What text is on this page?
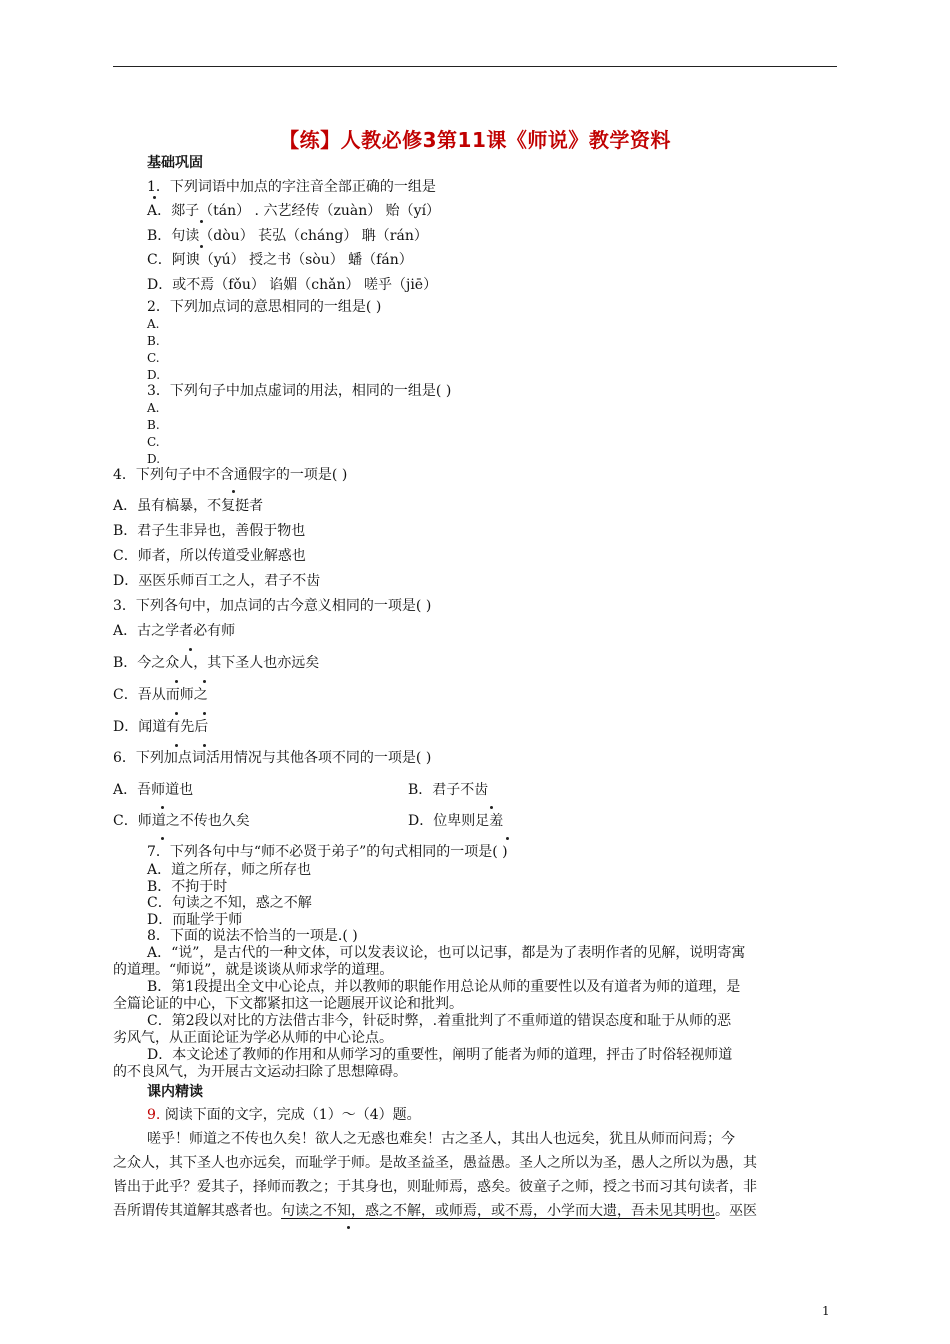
【练】人教必修3第11课《师说》教学资料
基础巩固
1．下列词语中加点的字注音全部正确的一组是
A．郯子（tán） . 六艺经传（zuàn） 贻（yí）
B．句读（dòu） 苌弘（cháng） 聃（rán）
C．阿谀（yú） 授之书（sòu） 蟠（fán）
D．或不焉（fǒu） 谄媚（chǎn） 嗟乎（jiē）
2．下列加点词的意思相同的一组是( )
A.
B.
C.
D.
3．下列句子中加点虚词的用法，相同的一组是( )
A.
B.
C.
D.
4．下列句子中不含通假字的一项是( )
A．虽有槁暴，不复挺者
B．君子生非异也，善假于物也
C．师者，所以传道受业解惑也
D．巫医乐师百工之人，君子不齿
3．下列各句中，加点词的古今意义相同的一项是( )
A．古之学者必有师
B．今之众人，其下圣人也亦远矣
C．吾从而师之
D．闻道有先后
6．下列加点词活用情况与其他各项不同的一项是( )
A．吾师道也	B．君子不齿
C．师道之不传也久矣	D．位卑则足羞
7．下列各句中与“师不必贤于弟子”的句式相同的一项是( )
A．道之所存，师之所存也
B．不拘于时
C．句读之不知，惑之不解
D．而耻学于师
8．下面的说法不恰当的一项是.( )
A．“说”，是古代的一种文体，可以发表议论，也可以记事，都是为了表明作者的见解，说明寄寓
的道理。“师说”，就是谈谈从师求学的道理。
B．第1段提出全文中心论点，并以教师的职能作用总论从师的重要性以及有道者为师的道理，是
全篇论证的中心，下文都紧扣这一论题展开议论和批判。
C．第2段以对比的方法借古非今，针砭时弊，.着重批判了不重师道的错误态度和耻于从师的恶
劣风气，从正面论证为学必从师的中心论点。
D．本文论述了教师的作用和从师学习的重要性，阐明了能者为师的道理，抨击了时俗轻视师道
的不良风气，为开展古文运动扫除了思想障碍。
课内精读
9. 阅读下面的文字，完成（1）～（4）题。
嗟乎！师道之不传也久矣！欲人之无惑也难矣！古之圣人，其出人也远矣，犹且从师而问焉；今
之众人，其下圣人也亦远矣，而耻学于师。是故圣益圣，愚益愚。圣人之所以为圣，愚人之所以为愚，其
皆出于此乎？爱其子，择师而教之；于其身也，则耻师焉，惑矣。彼童子之师，授之书而习其句读者，非
吾所谓传其道解其惑者也。句读之不知，惑之不解，或师焉，或不焉，小学而大遗，吾未见其明也。巫医
1
